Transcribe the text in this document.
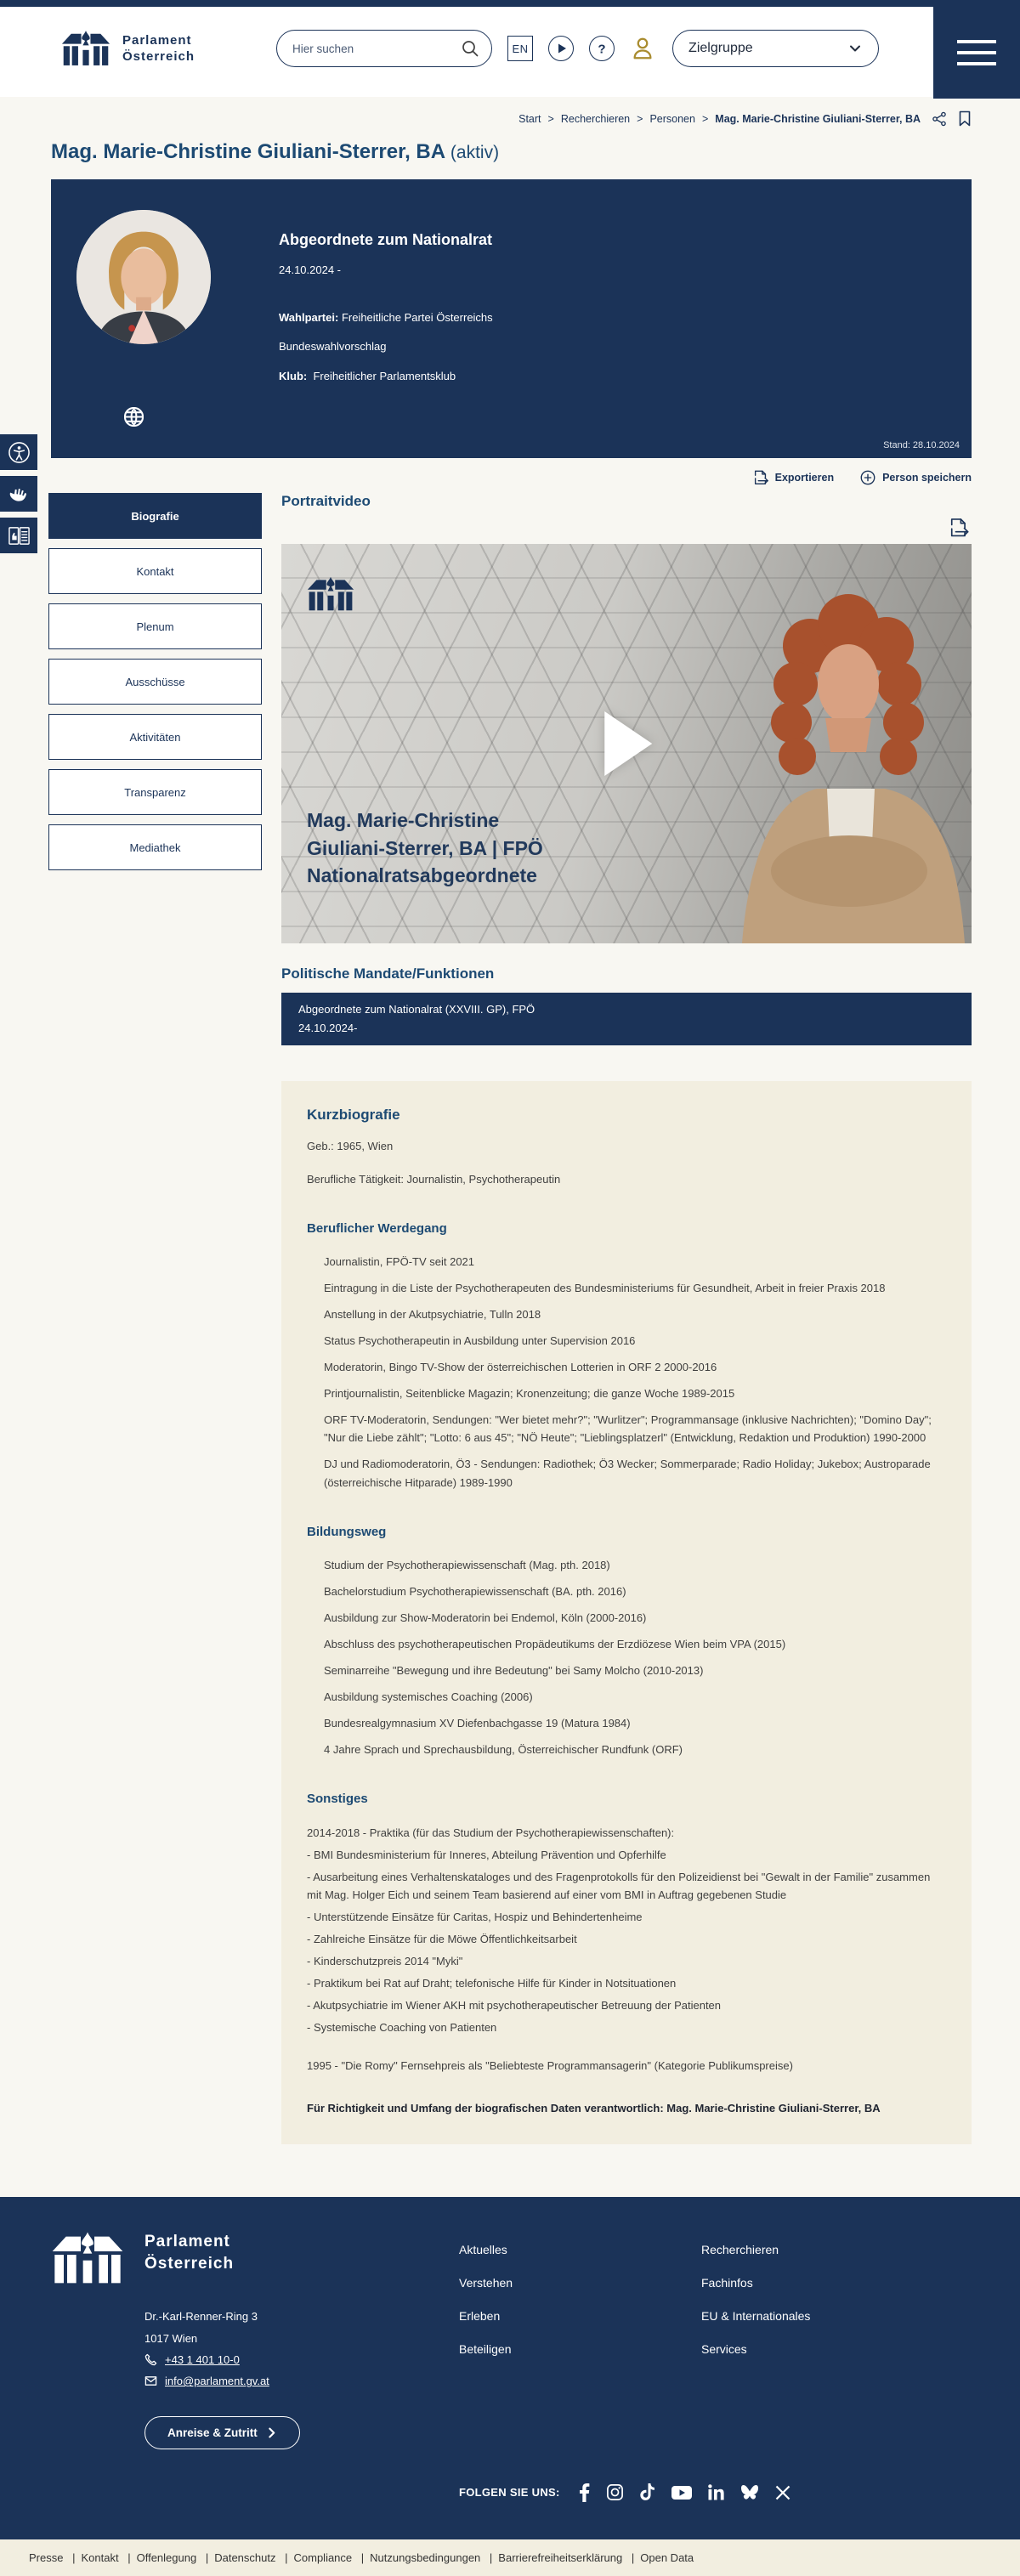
Parlament
Österreich
Hier suchen
EN	?	Zielgruppe
Start > Recherchieren > Personen > Mag. Marie-Christine Giuliani-Sterrer, BA
Mag. Marie-Christine Giuliani-Sterrer, BA (aktiv)
Abgeordnete zum Nationalrat
24.10.2024 -
Wahlpartei: Freiheitliche Partei Österreichs
Bundeswahlvorschlag
Klub: Freiheitlicher Parlamentsklub
Stand: 28.10.2024
Exportieren	Person speichern
Biografie
Kontakt
Plenum
Ausschüsse
Aktivitäten
Transparenz
Mediathek
Portraitvideo
Mag. Marie-Christine
Giuliani-Sterrer, BA | FPÖ
Nationalratsabgeordnete
Politische Mandate/Funktionen
Abgeordnete zum Nationalrat (XXVIII. GP), FPÖ
24.10.2024-
Kurzbiografie
Geb.: 1965, Wien
Berufliche Tätigkeit: Journalistin, Psychotherapeutin
Beruflicher Werdegang
Journalistin, FPÖ-TV seit 2021
Eintragung in die Liste der Psychotherapeuten des Bundesministeriums für Gesundheit, Arbeit in freier Praxis 2018
Anstellung in der Akutpsychiatrie, Tulln 2018
Status Psychotherapeutin in Ausbildung unter Supervision 2016
Moderatorin, Bingo TV-Show der österreichischen Lotterien in ORF 2 2000-2016
Printjournalistin, Seitenblicke Magazin; Kronenzeitung; die ganze Woche 1989-2015
ORF TV-Moderatorin, Sendungen: "Wer bietet mehr?"; "Wurlitzer"; Programmansage (inklusive Nachrichten); "Domino Day"; "Nur die Liebe zählt"; "Lotto: 6 aus 45"; "NÖ Heute"; "Lieblingsplatzerl" (Entwicklung, Redaktion und Produktion) 1990-2000
DJ und Radiomoderatorin, Ö3 - Sendungen: Radiothek; Ö3 Wecker; Sommerparade; Radio Holiday; Jukebox; Austroparade (österreichische Hitparade) 1989-1990
Bildungsweg
Studium der Psychotherapiewissenschaft (Mag. pth. 2018)
Bachelorstudium Psychotherapiewissenschaft (BA. pth. 2016)
Ausbildung zur Show-Moderatorin bei Endemol, Köln (2000-2016)
Abschluss des psychotherapeutischen Propädeutikums der Erzdiözese Wien beim VPA (2015)
Seminarreihe "Bewegung und ihre Bedeutung" bei Samy Molcho (2010-2013)
Ausbildung systemisches Coaching (2006)
Bundesrealgymnasium XV Diefenbachgasse 19 (Matura 1984)
4 Jahre Sprach und Sprechausbildung, Österreichischer Rundfunk (ORF)
Sonstiges
2014-2018 - Praktika (für das Studium der Psychotherapiewissenschaften):
- BMI Bundesministerium für Inneres, Abteilung Prävention und Opferhilfe
- Ausarbeitung eines Verhaltenskataloges und des Fragenprotokolls für den Polizeidienst bei "Gewalt in der Familie" zusammen mit Mag. Holger Eich und seinem Team basierend auf einer vom BMI in Auftrag gegebenen Studie
- Unterstützende Einsätze für Caritas, Hospiz und Behindertenheime
- Zahlreiche Einsätze für die Möwe Öffentlichkeitsarbeit
- Kinderschutzpreis 2014 "Myki"
- Praktikum bei Rat auf Draht; telefonische Hilfe für Kinder in Notsituationen
- Akutpsychiatrie im Wiener AKH mit psychotherapeutischer Betreuung der Patienten
- Systemische Coaching von Patienten
1995 - "Die Romy" Fernsehpreis als "Beliebteste Programmansagerin" (Kategorie Publikumspreise)
Für Richtigkeit und Umfang der biografischen Daten verantwortlich: Mag. Marie-Christine Giuliani-Sterrer, BA
Parlament
Österreich
Dr.-Karl-Renner-Ring 3
1017 Wien
+43 1 401 10-0
info@parlament.gv.at
Anreise & Zutritt
Aktuelles
Verstehen
Erleben
Beteiligen
Recherchieren
Fachinfos
EU & Internationales
Services
FOLGEN SIE UNS:
Presse | Kontakt | Offenlegung | Datenschutz | Compliance | Nutzungsbedingungen | Barrierefreiheitserklärung | Open Data
